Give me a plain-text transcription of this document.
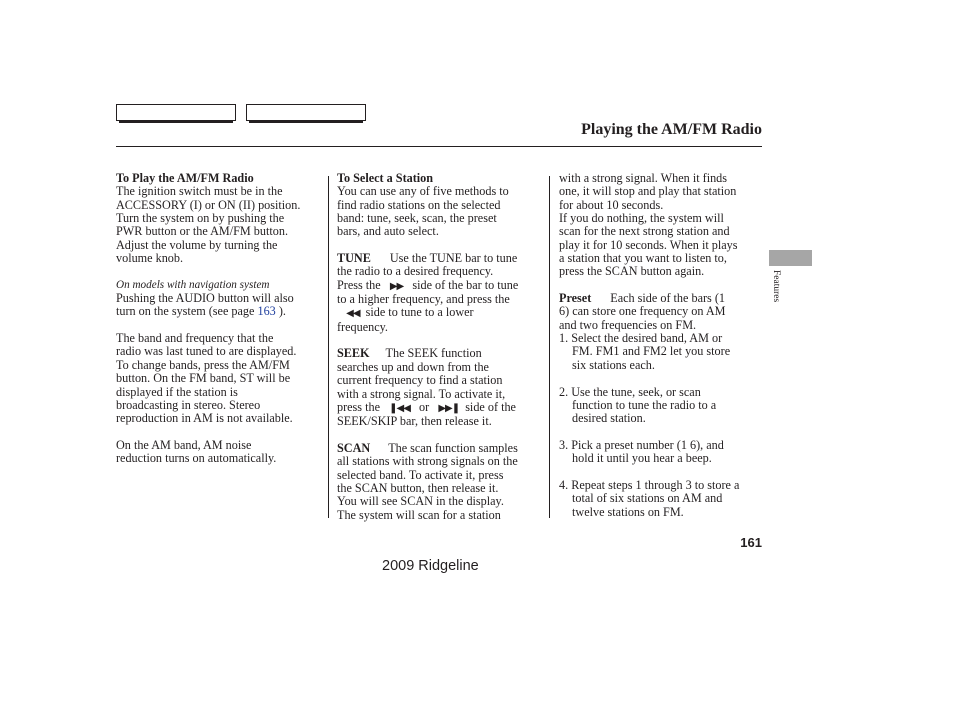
Playing the AM/FM Radio

To Play the AM/FM Radio

The ignition switch must be in the

ACCESSORY (I) or ON (II) position.

Turn the system on by pushing the

PWR button or the AM/FM button.

Adjust the volume by turning the

volume knob.

On models with navigation system

Pushing the AUDIO button will also

turn on the system (see page 163 ).

The band and frequency that the

radio was last tuned to are displayed.

To change bands, press the AM/FM

button. On the FM band, ST will be

displayed if the station is

broadcasting in stereo. Stereo

reproduction in AM is not available.

On the AM band, AM noise

reduction turns on automatically.

To Select a Station

You can use any of five methods to

find radio stations on the selected

band: tune, seek, scan, the preset

bars, and auto select.

TUNE Use the TUNE bar to tune

the radio to a desired frequency.

Press the ▶▶ side of the bar to tune

to a higher frequency, and press the

◀◀ side to tune to a lower

frequency.

SEEK The SEEK function

searches up and down from the

current frequency to find a station

with a strong signal. To activate it,

press the ❚◀◀ or ▶▶❚ side of the

SEEK/SKIP bar, then release it.

SCAN The scan function samples

all stations with strong signals on the

selected band. To activate it, press

the SCAN button, then release it.

You will see SCAN in the display.

The system will scan for a station

with a strong signal. When it finds

one, it will stop and play that station

for about 10 seconds.

If you do nothing, the system will

scan for the next strong station and

play it for 10 seconds. When it plays

a station that you want to listen to,

press the SCAN button again.

Preset Each side of the bars (1

6) can store one frequency on AM

and two frequencies on FM.

1. Select the desired band, AM or
FM. FM1 and FM2 let you store
six stations each.

2. Use the tune, seek, or scan
function to tune the radio to a
desired station.

3. Pick a preset number (1 6), and
hold it until you hear a beep.

4. Repeat steps 1 through 3 to store a
total of six stations on AM and
twelve stations on FM.

Features
161
2009 Ridgeline
